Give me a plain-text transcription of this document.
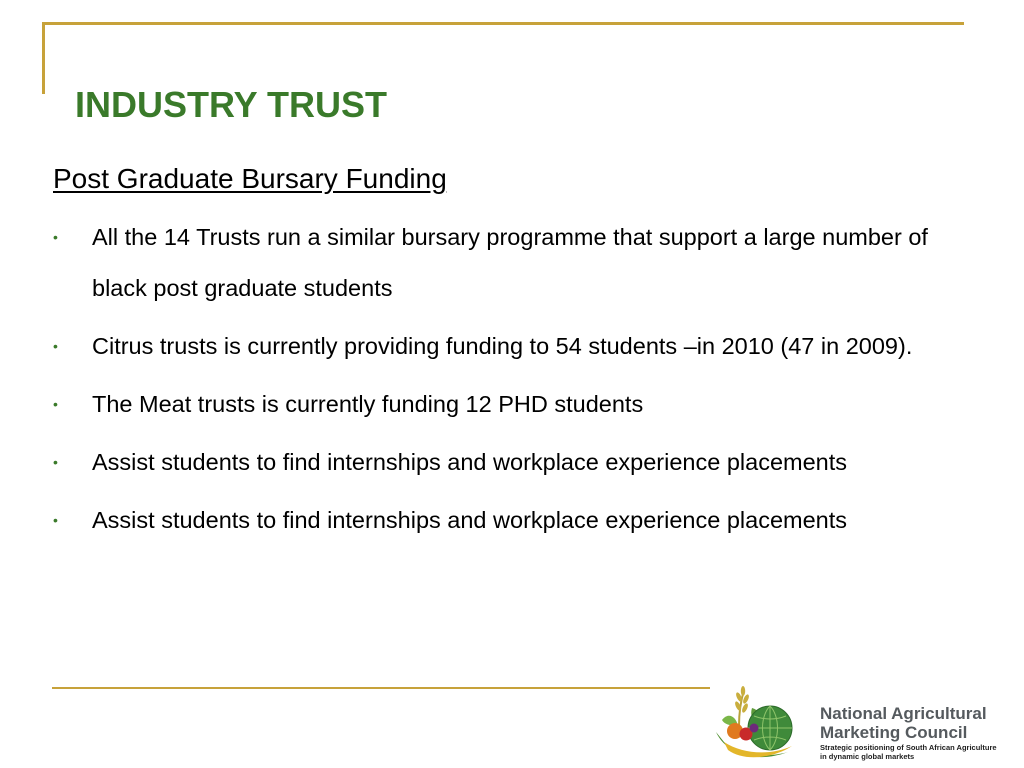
INDUSTRY TRUST
Post Graduate Bursary Funding
• All the 14 Trusts run a similar bursary programme that support a large number of black post graduate students
• Citrus trusts is currently providing funding to 54 students –in 2010 (47 in 2009).
• The Meat trusts is currently funding 12 PHD students
• Assist students to find internships and workplace experience placements
• Assist students to find internships and workplace experience placements
National Agricultural
Marketing Council
Strategic positioning of South African Agriculture
in dynamic global markets
